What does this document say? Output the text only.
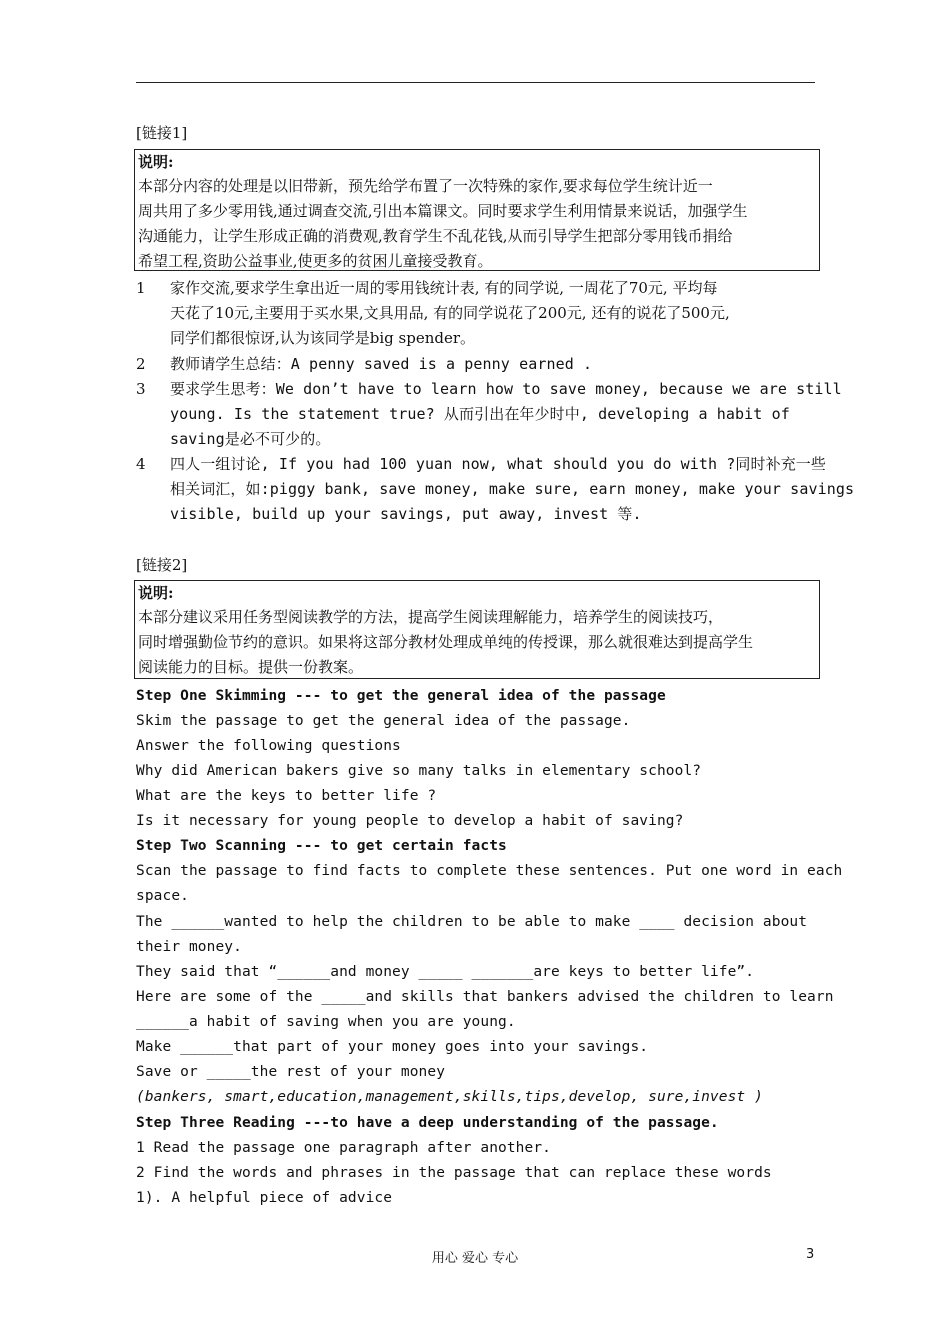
[链接1]
说明:
本部分内容的处理是以旧带新，预先给学布置了一次特殊的家作,要求每位学生统计近一
周共用了多少零用钱,通过调查交流,引出本篇课文。同时要求学生利用情景来说话，加强学生
沟通能力，让学生形成正确的消费观,教育学生不乱花钱,从而引导学生把部分零用钱币捐给
希望工程,资助公益事业,使更多的贫困儿童接受教育。
1 家作交流,要求学生拿出近一周的零用钱统计表, 有的同学说, 一周花了70元, 平均每
天花了10元,主要用于买水果,文具用品, 有的同学说花了200元, 还有的说花了500元,
同学们都很惊讶,认为该同学是big spender。
2 教师请学生总结：A penny saved is a penny earned .
3 要求学生思考：We don’t have to learn how to save money, because we are still
young. Is the statement true? 从而引出在年少时中, developing a habit of
saving是必不可少的。
4 四人一组讨论, If you had 100 yuan now, what should you do with ?同时补充一些
相关词汇，如:piggy bank, save money, make sure, earn money, make your savings
visible, build up your savings, put away, invest 等.
[链接2]
说明:
本部分建议采用任务型阅读教学的方法，提高学生阅读理解能力，培养学生的阅读技巧，
同时增强勤俭节约的意识。如果将这部分教材处理成单纯的传授课，那么就很难达到提高学生
阅读能力的目标。提供一份教案。
Step One Skimming --- to get the general idea of the passage
Skim the passage to get the general idea of the passage.
Answer the following questions
Why did American bakers give so many talks in elementary school?
What are the keys to better life ?
Is it necessary for young people to develop a habit of saving?
Step Two Scanning --- to get certain facts
Scan the passage to find facts to complete these sentences. Put one word in each
space.
The ______wanted to help the children to be able to make ____ decision about
their money.
They said that “______and money _____ _______are keys to better life”.
Here are some of the _____and skills that bankers advised the children to learn
______a habit of saving when you are young.
Make ______that part of your money goes into your savings.
Save or _____the rest of your money
(bankers, smart,education,management,skills,tips,develop, sure,invest )
Step Three Reading ---to have a deep understanding of the passage.
1 Read the passage one paragraph after another.
2 Find the words and phrases in the passage that can replace these words
1). A helpful piece of advice
用心 爱心 专心	3
